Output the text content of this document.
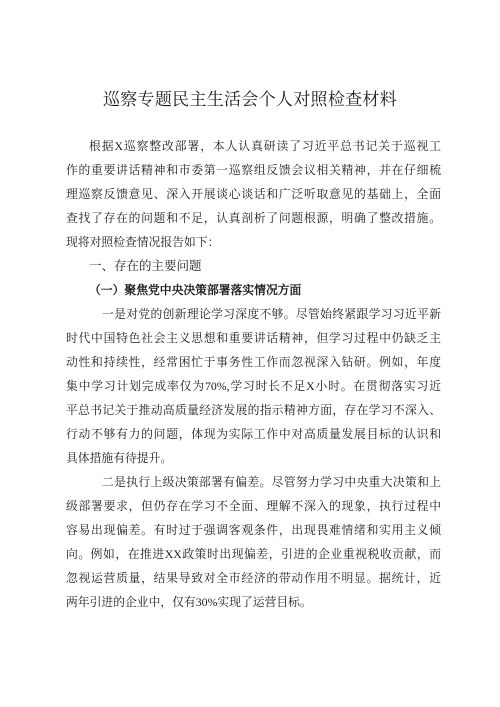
巡察专题民主生活会个人对照检查材料
根据X巡察整改部署，本人认真研读了习近平总书记关于巡视工
作的重要讲话精神和市委第一巡察组反馈会议相关精神，并在仔细梳
理巡察反馈意见、深入开展谈心谈话和广泛听取意见的基础上，全面
查找了存在的问题和不足，认真剖析了问题根源，明确了整改措施。
现将对照检查情况报告如下：
一、存在的主要问题
（一）聚焦党中央决策部署落实情况方面
一是对党的创新理论学习深度不够。尽管始终紧跟学习习近平新
时代中国特色社会主义思想和重要讲话精神，但学习过程中仍缺乏主
动性和持续性，经常困忙于事务性工作而忽视深入钻研。例如，年度
集中学习计划完成率仅为70%,学习时长不足X小时。在贯彻落实习近
平总书记关于推动高质量经济发展的指示精神方面，存在学习不深入、
行动不够有力的问题，体现为实际工作中对高质量发展目标的认识和
具体措施有待提升。
二是执行上级决策部署有偏差。尽管努力学习中央重大决策和上
级部署要求，但仍存在学习不全面、理解不深入的现象，执行过程中
容易出现偏差。有时过于强调客观条件，出现畏难情绪和实用主义倾
向。例如，在推进XX政策时出现偏差，引进的企业重视税收贡献，而
忽视运营质量，结果导致对全市经济的带动作用不明显。据统计，近
两年引进的企业中，仅有30%实现了运营目标。
